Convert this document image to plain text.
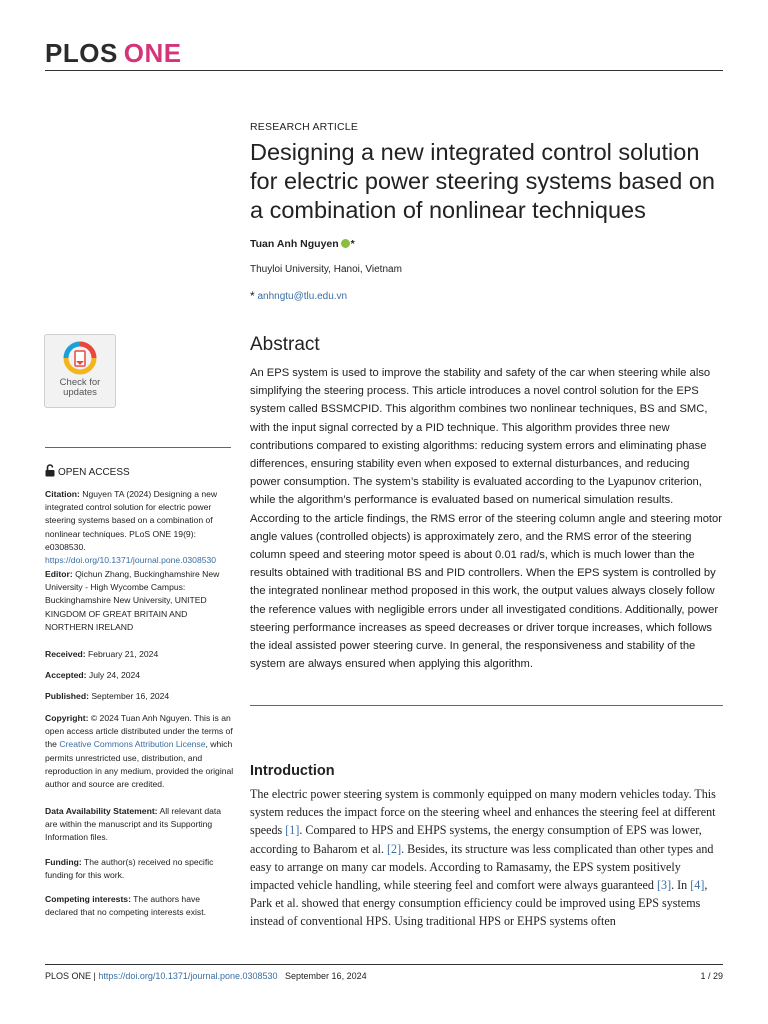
PLOS ONE
RESEARCH ARTICLE
Designing a new integrated control solution for electric power steering systems based on a combination of nonlinear techniques
Tuan Anh Nguyen *
Thuyloi University, Hanoi, Vietnam
* anhngtu@tlu.edu.vn
Abstract
An EPS system is used to improve the stability and safety of the car when steering while also simplifying the steering process. This article introduces a novel control solution for the EPS system called BSSMCPID. This algorithm combines two nonlinear techniques, BS and SMC, with the input signal corrected by a PID technique. This algorithm provides three new contributions compared to existing algorithms: reducing system errors and eliminating phase differences, ensuring stability even when exposed to external disturbances, and reducing power consumption. The system’s stability is evaluated according to the Lyapunov criterion, while the algorithm’s performance is evaluated based on numerical simulation results. According to the article findings, the RMS error of the steering column angle and steering motor angle values (controlled objects) is approximately zero, and the RMS error of the steering column speed and steering motor speed is about 0.01 rad/s, which is much lower than the results obtained with traditional BS and PID controllers. When the EPS system is controlled by the integrated nonlinear method proposed in this work, the output values always closely follow the reference values with negligible errors under all investigated conditions. Additionally, power steering performance increases as speed decreases or driver torque increases, which follows the ideal assisted power steering curve. In general, the responsiveness and stability of the system are always ensured when applying this algorithm.
Introduction
The electric power steering system is commonly equipped on many modern vehicles today. This system reduces the impact force on the steering wheel and enhances the steering feel at different speeds [1]. Compared to HPS and EHPS systems, the energy consumption of EPS was lower, according to Baharom et al. [2]. Besides, its structure was less complicated than other types and easy to arrange on many car models. According to Ramasamy, the EPS system positively impacted vehicle handling, while steering feel and comfort were always guaranteed [3]. In [4], Park et al. showed that energy consumption efficiency could be improved using EPS systems instead of conventional HPS. Using traditional HPS or EHPS systems often
Check for updates
OPEN ACCESS
Citation: Nguyen TA (2024) Designing a new integrated control solution for electric power steering systems based on a combination of nonlinear techniques. PLoS ONE 19(9): e0308530. https://doi.org/10.1371/journal.pone.0308530
Editor: Qichun Zhang, Buckinghamshire New University - High Wycombe Campus: Buckinghamshire New University, UNITED KINGDOM OF GREAT BRITAIN AND NORTHERN IRELAND
Received: February 21, 2024
Accepted: July 24, 2024
Published: September 16, 2024
Copyright: © 2024 Tuan Anh Nguyen. This is an open access article distributed under the terms of the Creative Commons Attribution License, which permits unrestricted use, distribution, and reproduction in any medium, provided the original author and source are credited.
Data Availability Statement: All relevant data are within the manuscript and its Supporting Information files.
Funding: The author(s) received no specific funding for this work.
Competing interests: The authors have declared that no competing interests exist.
PLOS ONE | https://doi.org/10.1371/journal.pone.0308530 September 16, 2024	1 / 29
